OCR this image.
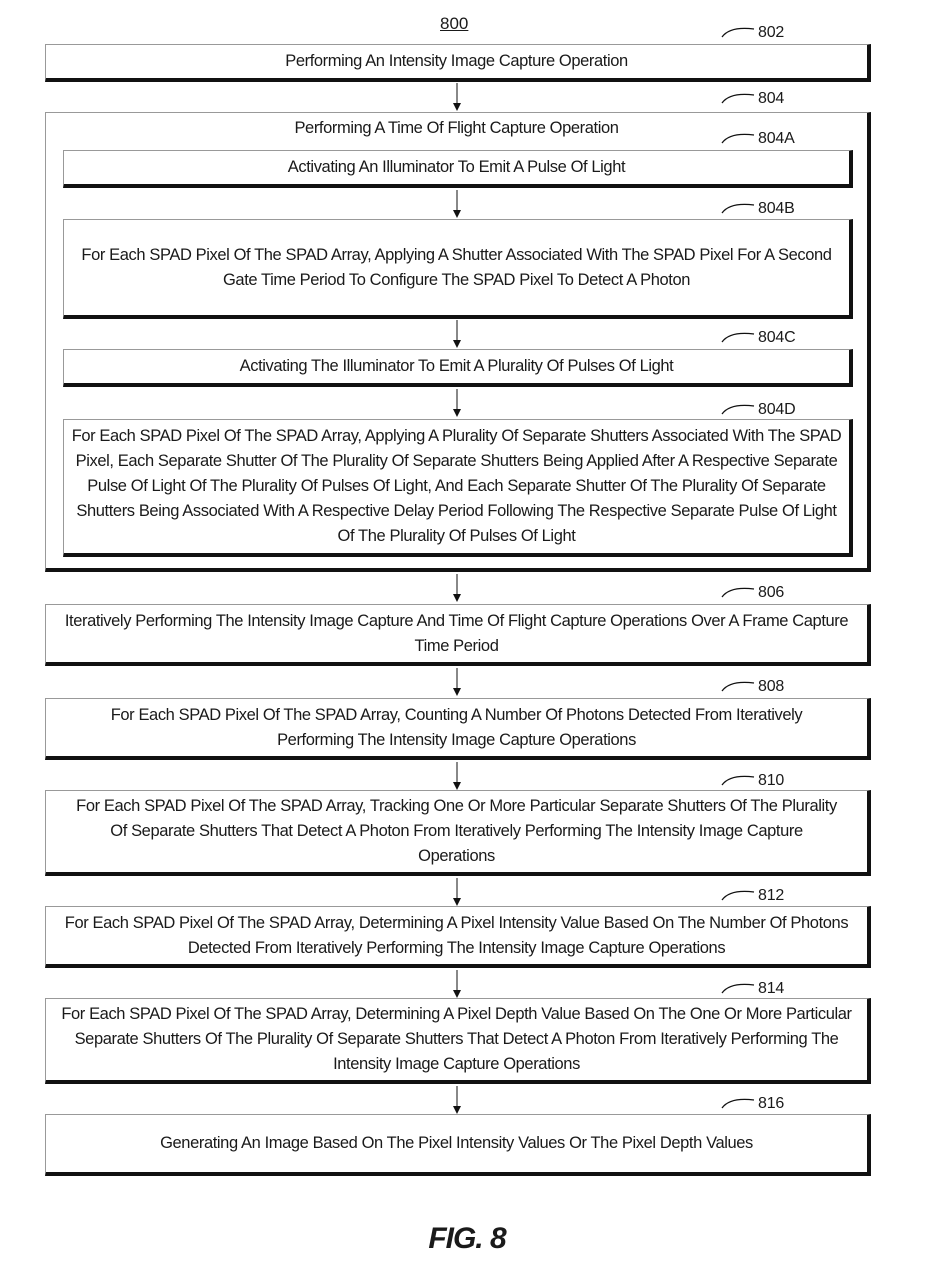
800	802
Performing An Intensity Image Capture Operation
804
Performing A Time Of Flight Capture Operation
804A
Activating An Illuminator To Emit A Pulse Of Light
804B
For Each SPAD Pixel Of The SPAD Array, Applying A Shutter Associated With The SPAD Pixel For A Second Gate Time Period To Configure The SPAD Pixel To Detect A Photon
804C
Activating The Illuminator To Emit A Plurality Of Pulses Of Light
804D
For Each SPAD Pixel Of The SPAD Array, Applying A Plurality Of Separate Shutters Associated With The SPAD Pixel, Each Separate Shutter Of The Plurality Of Separate Shutters Being Applied After A Respective Separate Pulse Of Light Of The Plurality Of Pulses Of Light, And Each Separate Shutter Of The Plurality Of Separate Shutters Being Associated With A Respective Delay Period Following The Respective Separate Pulse Of Light Of The Plurality Of Pulses Of Light
806
Iteratively Performing The Intensity Image Capture And Time Of Flight Capture Operations Over A Frame Capture Time Period
808
For Each SPAD Pixel Of The SPAD Array, Counting A Number Of Photons Detected From Iteratively Performing The Intensity Image Capture Operations
810
For Each SPAD Pixel Of The SPAD Array, Tracking One Or More Particular Separate Shutters Of The Plurality Of Separate Shutters That Detect A Photon From Iteratively Performing The Intensity Image Capture Operations
812
For Each SPAD Pixel Of The SPAD Array, Determining A Pixel Intensity Value Based On The Number Of Photons Detected From Iteratively Performing The Intensity Image Capture Operations
814
For Each SPAD Pixel Of The SPAD Array, Determining A Pixel Depth Value Based On The One Or More Particular Separate Shutters Of The Plurality Of Separate Shutters That Detect A Photon From Iteratively Performing The Intensity Image Capture Operations
816
Generating An Image Based On The Pixel Intensity Values Or The Pixel Depth Values
FIG. 8
